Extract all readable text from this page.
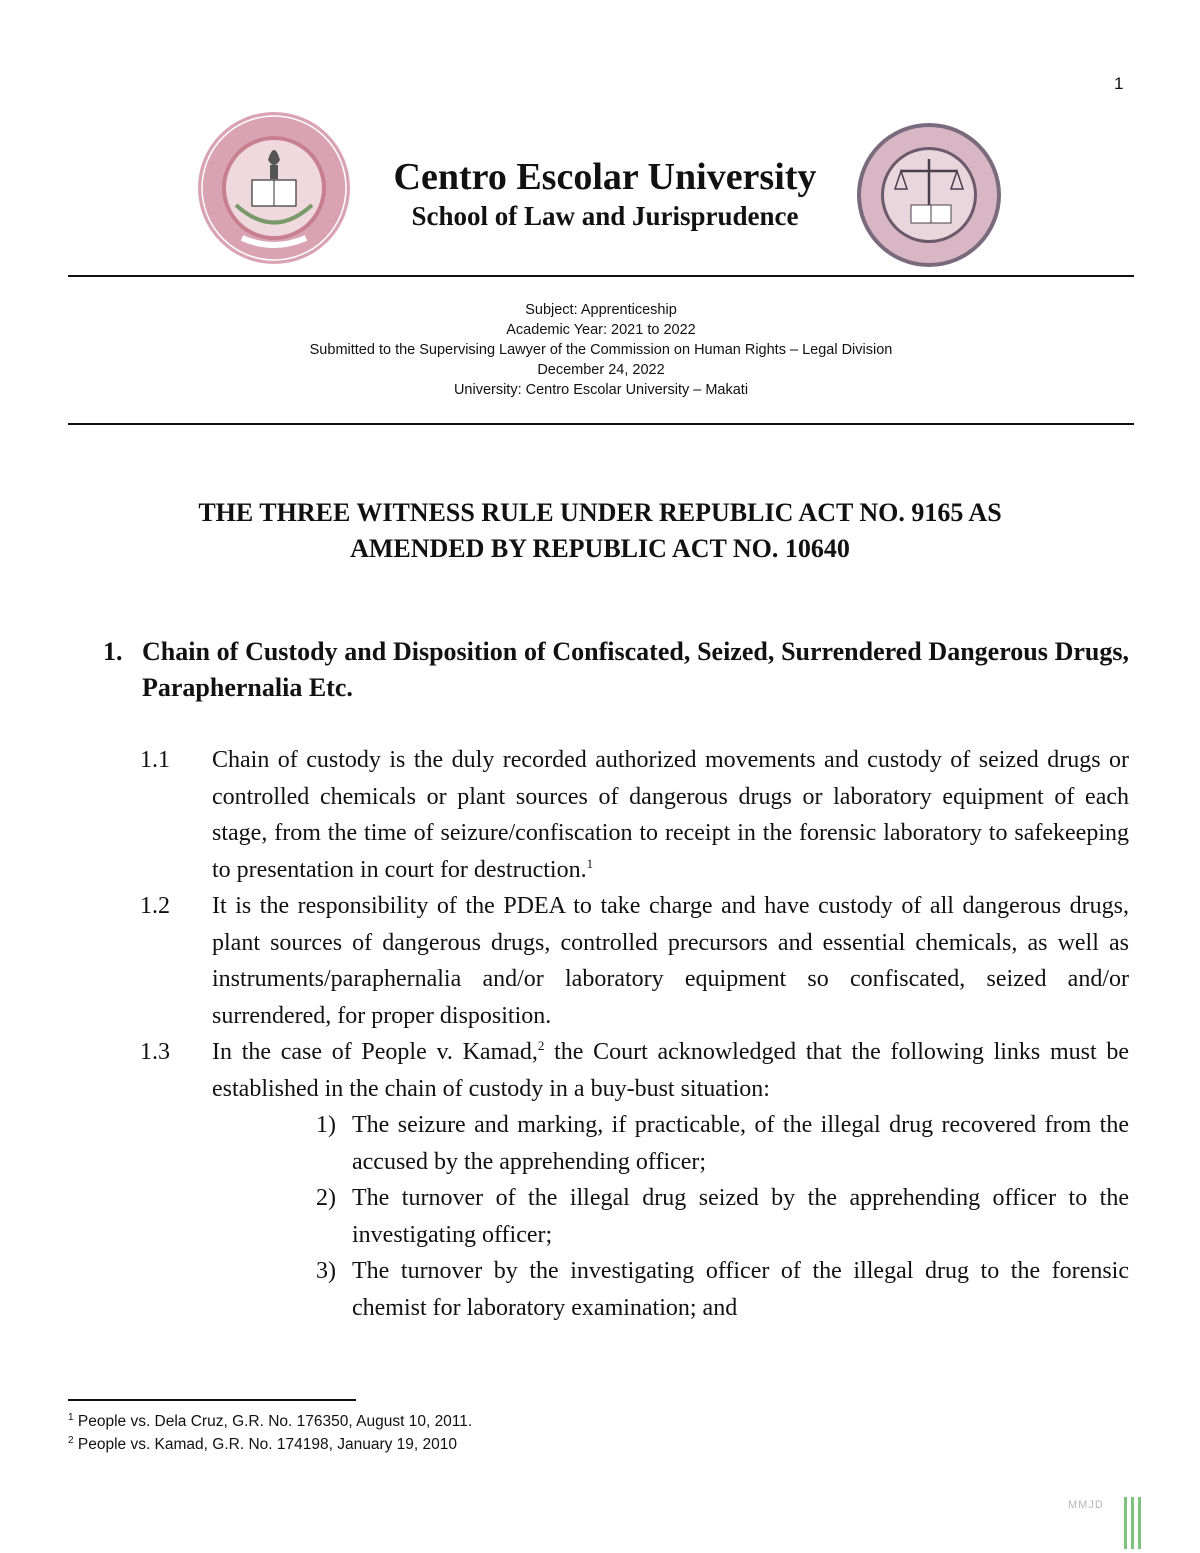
1
Centro Escolar University
School of Law and Jurisprudence
Subject: Apprenticeship
Academic Year: 2021 to 2022
Submitted to the Supervising Lawyer of the Commission on Human Rights – Legal Division
December 24, 2022
University: Centro Escolar University – Makati
THE THREE WITNESS RULE UNDER REPUBLIC ACT NO. 9165 AS
AMENDED BY REPUBLIC ACT NO. 10640
1. Chain of Custody and Disposition of Confiscated, Seized, Surrendered Dangerous Drugs, Paraphernalia Etc.
1.1 Chain of custody is the duly recorded authorized movements and custody of seized drugs or controlled chemicals or plant sources of dangerous drugs or laboratory equipment of each stage, from the time of seizure/confiscation to receipt in the forensic laboratory to safekeeping to presentation in court for destruction.$^1$
1.2 It is the responsibility of the PDEA to take charge and have custody of all dangerous drugs, plant sources of dangerous drugs, controlled precursors and essential chemicals, as well as instruments/paraphernalia and/or laboratory equipment so confiscated, seized and/or surrendered, for proper disposition.
1.3 In the case of People v. Kamad,$^2$ the Court acknowledged that the following links must be established in the chain of custody in a buy-bust situation:
1) The seizure and marking, if practicable, of the illegal drug recovered from the accused by the apprehending officer;
2) The turnover of the illegal drug seized by the apprehending officer to the investigating officer;
3) The turnover by the investigating officer of the illegal drug to the forensic chemist for laboratory examination; and
$^1$ People vs. Dela Cruz, G.R. No. 176350, August 10, 2011.
$^2$ People vs. Kamad, G.R. No. 174198, January 19, 2010
MMJD
